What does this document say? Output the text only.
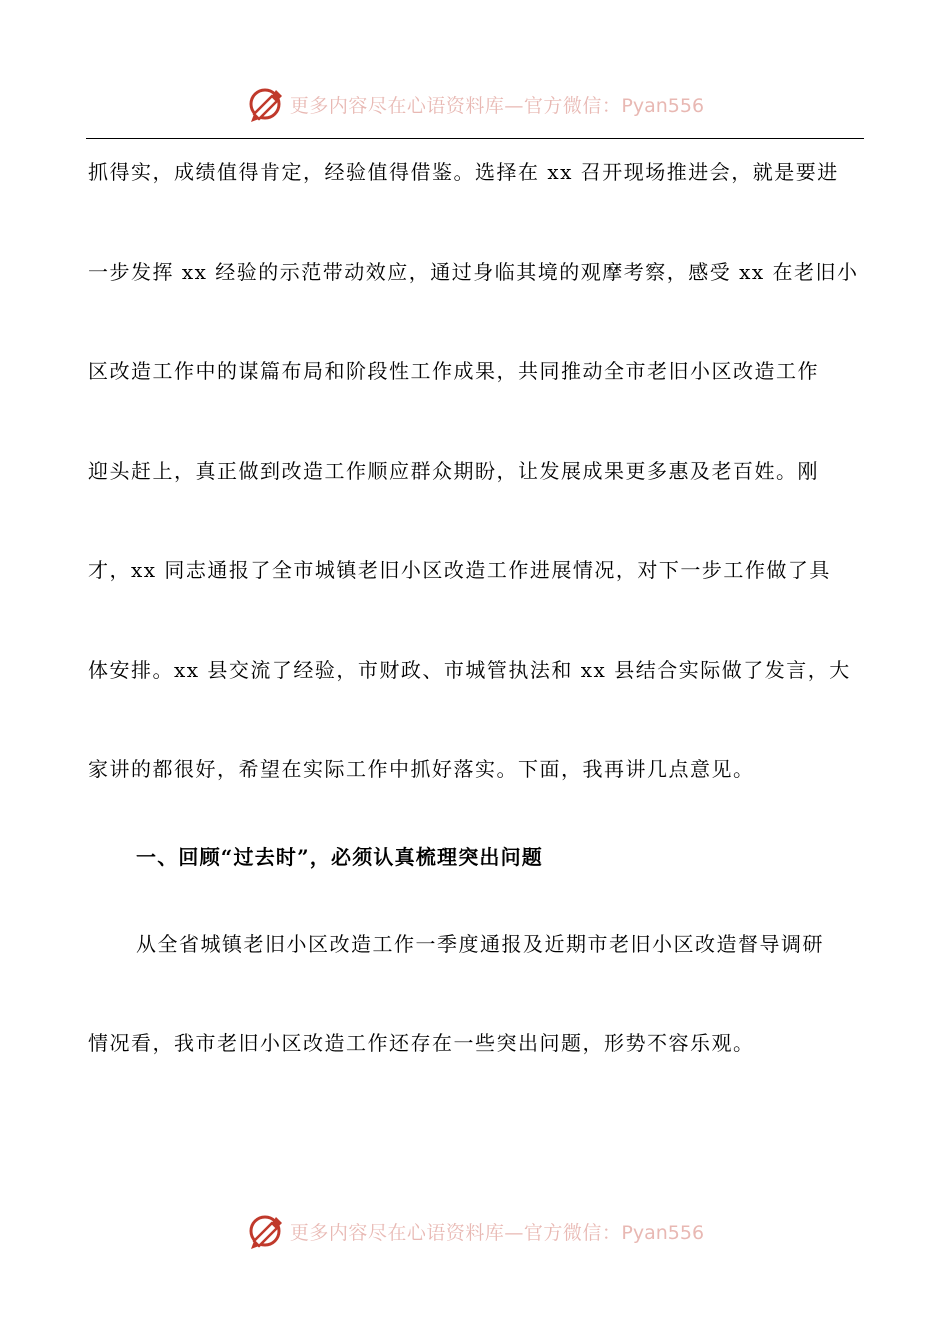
更多内容尽在心语资料库—官方微信：Pyan556
抓得实，成绩值得肯定，经验值得借鉴。选择在 xx 召开现场推进会，就是要进
一步发挥 xx 经验的示范带动效应，通过身临其境的观摩考察，感受 xx 在老旧小
区改造工作中的谋篇布局和阶段性工作成果，共同推动全市老旧小区改造工作
迎头赶上，真正做到改造工作顺应群众期盼，让发展成果更多惠及老百姓。刚
才，xx 同志通报了全市城镇老旧小区改造工作进展情况，对下一步工作做了具
体安排。xx 县交流了经验，市财政、市城管执法和 xx 县结合实际做了发言，大
家讲的都很好，希望在实际工作中抓好落实。下面，我再讲几点意见。
一、回顾“过去时”，必须认真梳理突出问题
从全省城镇老旧小区改造工作一季度通报及近期市老旧小区改造督导调研
情况看，我市老旧小区改造工作还存在一些突出问题，形势不容乐观。
更多内容尽在心语资料库—官方微信：Pyan556
